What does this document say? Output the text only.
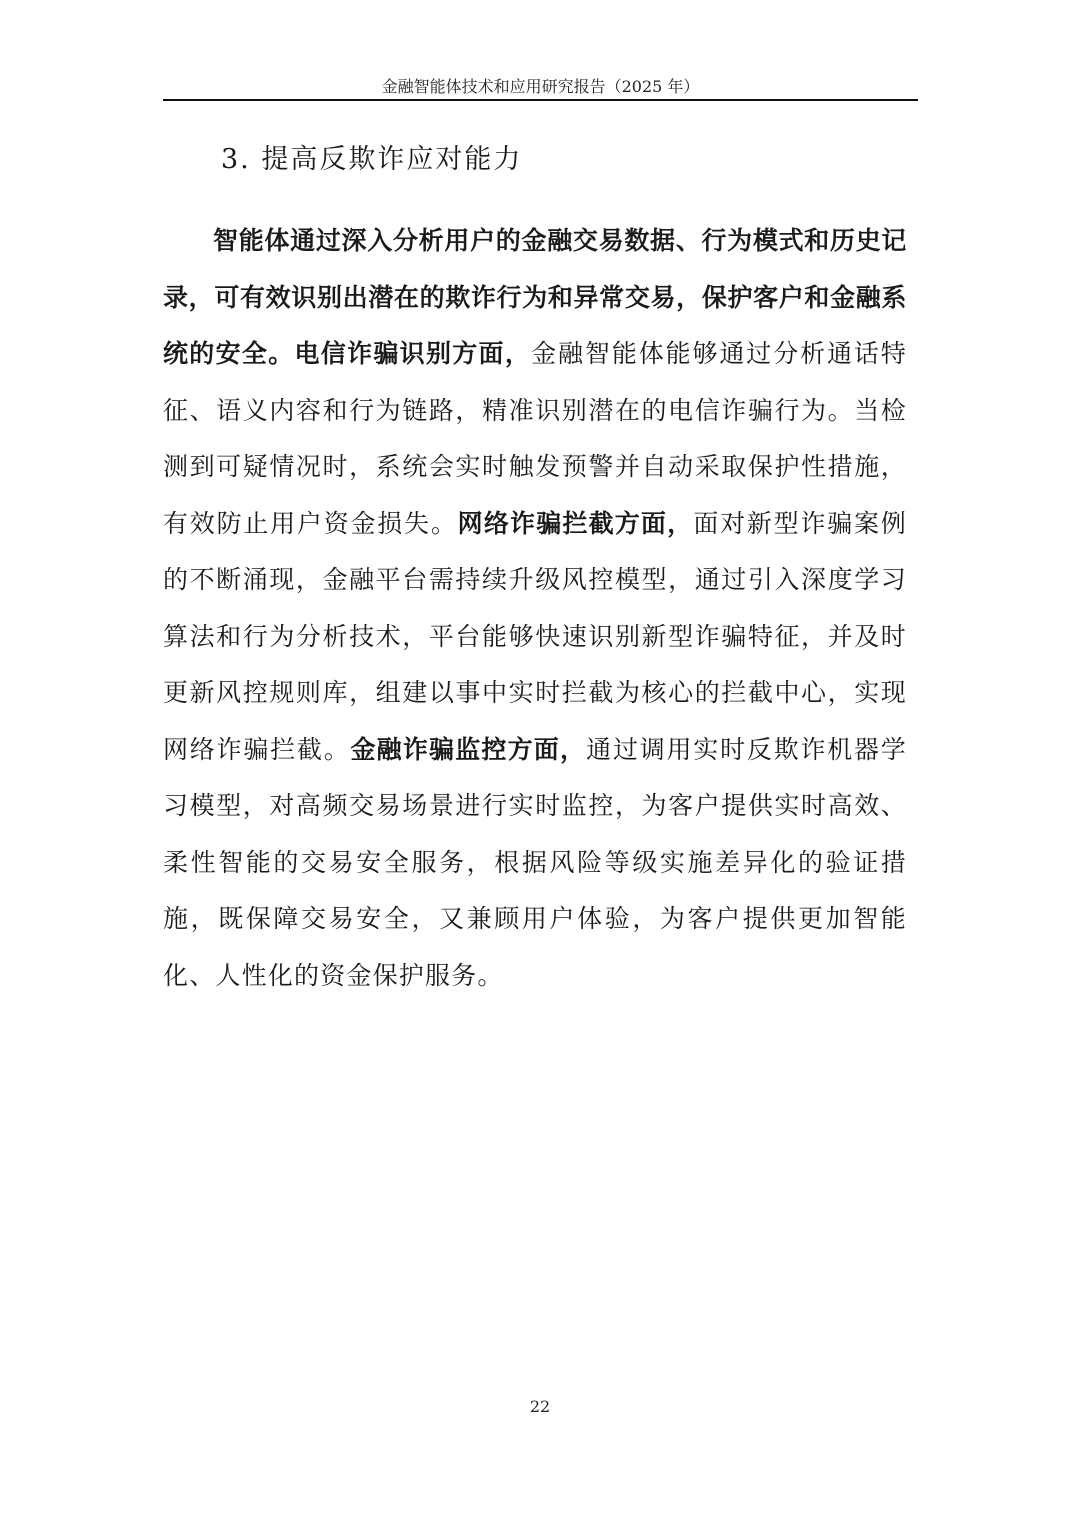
金融智能体技术和应用研究报告（2025 年）
3. 提高反欺诈应对能力

智能体通过深入分析用户的金融交易数据、行为模式和历史记录，可有效识别出潜在的欺诈行为和异常交易，保护客户和金融系统的安全。电信诈骗识别方面，金融智能体能够通过分析通话特征、语义内容和行为链路，精准识别潜在的电信诈骗行为。当检测到可疑情况时，系统会实时触发预警并自动采取保护性措施，有效防止用户资金损失。网络诈骗拦截方面，面对新型诈骗案例的不断涌现，金融平台需持续升级风控模型，通过引入深度学习算法和行为分析技术，平台能够快速识别新型诈骗特征，并及时更新风控规则库，组建以事中实时拦截为核心的拦截中心，实现网络诈骗拦截。金融诈骗监控方面，通过调用实时反欺诈机器学习模型，对高频交易场景进行实时监控，为客户提供实时高效、柔性智能的交易安全服务，根据风险等级实施差异化的验证措施，既保障交易安全，又兼顾用户体验，为客户提供更加智能化、人性化的资金保护服务。

22
